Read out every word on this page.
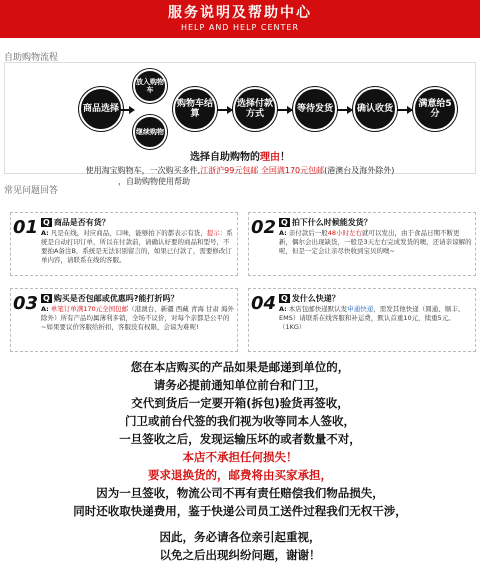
服务说明及帮助中心
HELP AND HELP CENTER
自助购物流程
放入购物车
继续购物
商品选择	购物车结算
选择付款方式	等待发货	确认收货	满意给5分
选择自助购物的理由！
使用淘宝购物车，一次购买多件,江浙沪99元包邮 全国满170元包邮(港澳台及海外除外)
，自助购物使用帮助
常见问题回答
01 Q 商品是否有货？
A: 凡是在线，对应商品，口味，能够拍下的都表示有货，提示：系统是自动打印订单，所以在付款前，请确认好要的商品和型号，不要拍A备注B，系统是无法识别留言的，如果已付款了，需要修改订单内容，请联系在线的客服。
02 Q 拍下什么时候能发货？
A: 亲付款后一般48小时左右就可以发出，由于食品日期不断更新，偶尔会出现缺货，一般是3天左右完成发货的噢，还请亲谅解的呢，但是一定会让亲尽快收到宝贝的噢~
03 Q 购买是否包邮或优惠吗?能打折吗？
A: 单笔订单满170元全国包邮（港澳台、新疆 西藏 青海 甘肃 海外除外）所有产品均属薄利多销，全场不议价，对每个亲都是公平的~如果要议价客服给折扣，客服没有权限，会谅为难呢!
04 Q 发什么快递？
A: 本店包邮快递默认发申通快递，需发其他快递（圆通、顺丰、EMS）请联系在线客服和补运费，默认首重10元，续重5元。（1KG）
您在本店购买的产品如果是邮递到单位的，
请务必提前通知单位前台和门卫，
交代到货后一定要开箱(拆包)验货再签收，
门卫或前台代签的我们视为收等同本人签收，
一旦签收之后，发现运输压坏的或者数量不对，
本店不承担任何损失！
要求退换货的，邮费将由买家承担，
因为一旦签收，物流公司不再有责任赔偿我们物品损失，
同时还收取快递费用，鉴于快递公司员工送件过程我们无权干涉，
因此，务必请各位亲引起重视，
以免之后出现纠纷问题，谢谢！
